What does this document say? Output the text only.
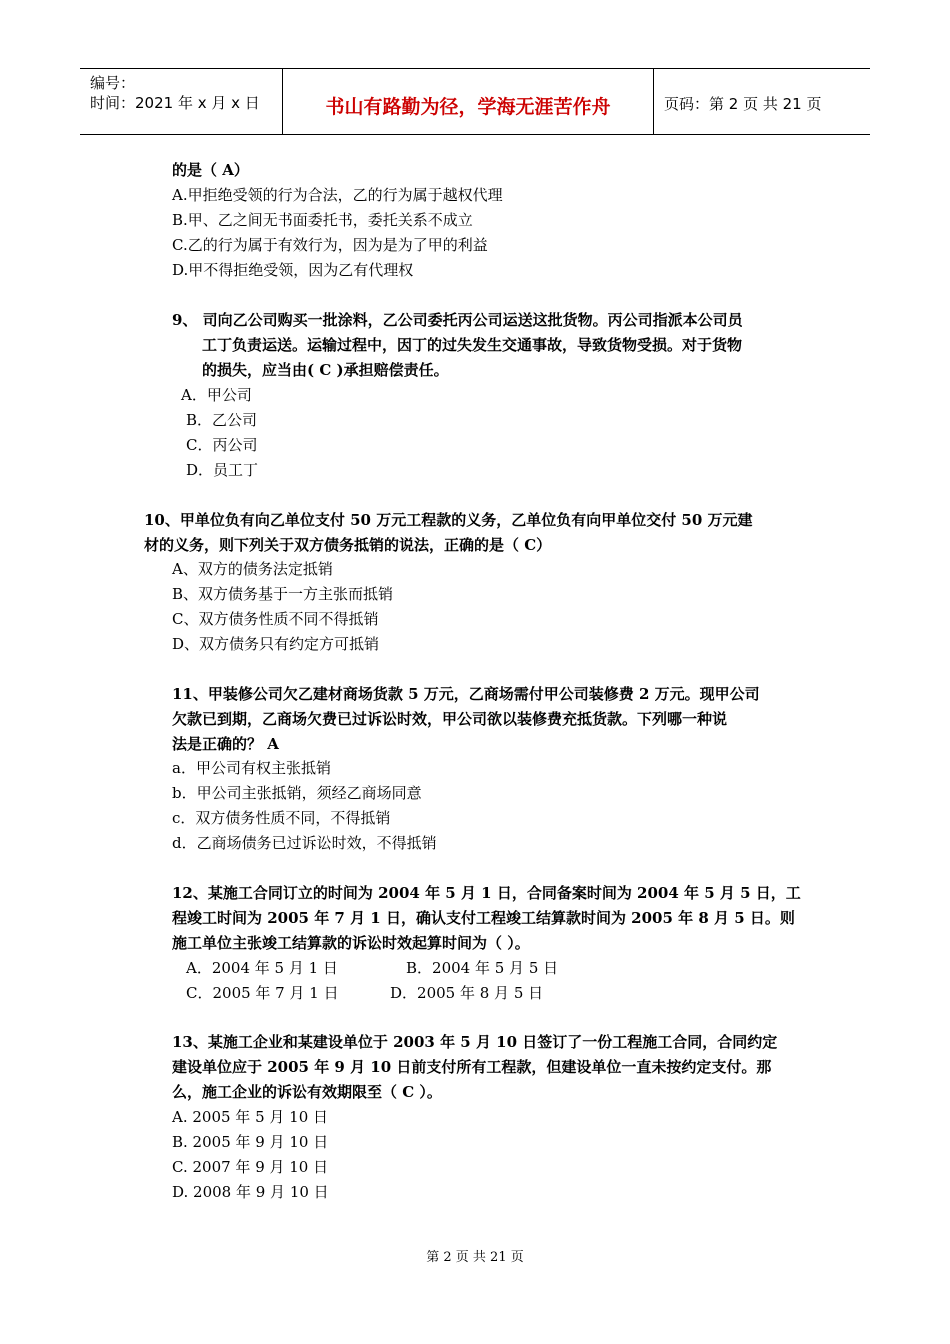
编号：
时间：2021 年 x 月 x 日	书山有路勤为径，学海无涯苦作舟	页码：第 2 页 共 21 页
的是（ A）
A.甲拒绝受领的行为合法，乙的行为属于越权代理
B.甲、乙之间无书面委托书，委托关系不成立
C.乙的行为属于有效行为，因为是为了甲的利益
D.甲不得拒绝受领，因为乙有代理权
9、 司向乙公司购买一批涂料，乙公司委托丙公司运送这批货物。丙公司指派本公司员
工丁负责运送。运输过程中，因丁的过失发生交通事故，导致货物受损。对于货物
的损失，应当由( C )承担赔偿责任。
A．甲公司
B．乙公司
C．丙公司
D．员工丁
10、甲单位负有向乙单位支付 50 万元工程款的义务，乙单位负有向甲单位交付 50 万元建
材的义务，则下列关于双方债务抵销的说法，正确的是（ C）
A、双方的债务法定抵销
B、双方债务基于一方主张而抵销
C、双方债务性质不同不得抵销
D、双方债务只有约定方可抵销
11、甲装修公司欠乙建材商场货款 5 万元，乙商场需付甲公司装修费 2 万元。现甲公司
欠款已到期，乙商场欠费已过诉讼时效，甲公司欲以装修费充抵货款。下列哪一种说
法是正确的？ A
a．甲公司有权主张抵销
b．甲公司主张抵销，须经乙商场同意
c．双方债务性质不同，不得抵销
d．乙商场债务已过诉讼时效，不得抵销
12、某施工合同订立的时间为 2004 年 5 月 1 日，合同备案时间为 2004 年 5 月 5 日，工
程竣工时间为 2005 年 7 月 1 日，确认支付工程竣工结算款时间为 2005 年 8 月 5 日。则
施工单位主张竣工结算款的诉讼时效起算时间为（ ）。
A．2004 年 5 月 1 日	B．2004 年 5 月 5 日
C．2005 年 7 月 1 日	D．2005 年 8 月 5 日
13、某施工企业和某建设单位于 2003 年 5 月 10 日签订了一份工程施工合同，合同约定
建设单位应于 2005 年 9 月 10 日前支付所有工程款，但建设单位一直未按约定支付。那
么，施工企业的诉讼有效期限至（ C ）。
A. 2005 年 5 月 10 日
B. 2005 年 9 月 10 日
C. 2007 年 9 月 10 日
D. 2008 年 9 月 10 日
第 2 页 共 21 页
